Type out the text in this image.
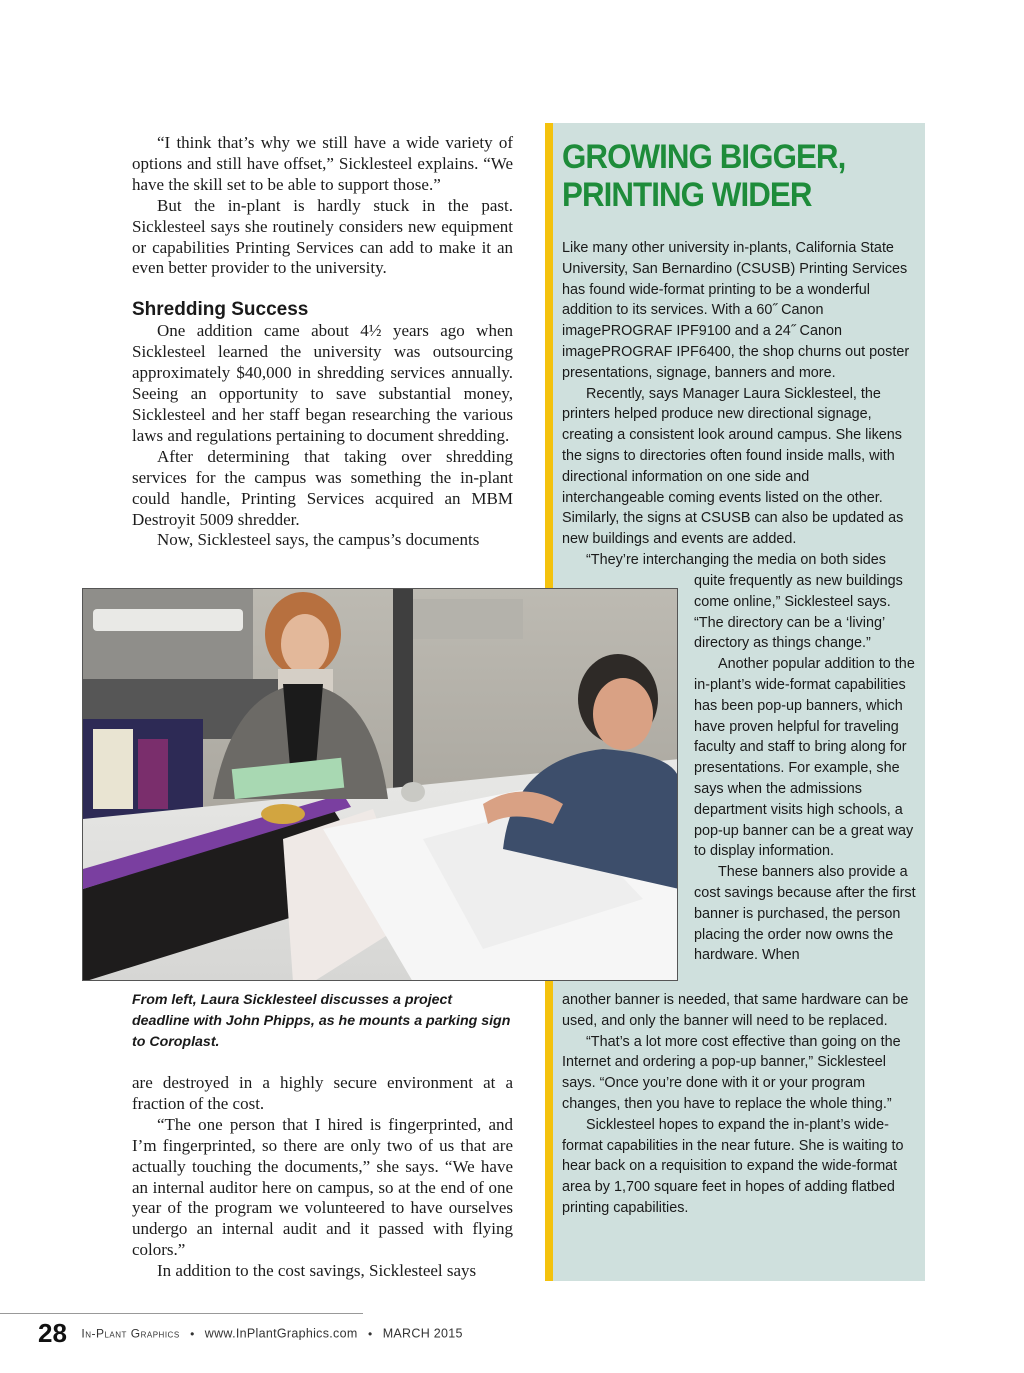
“I think that’s why we still have a wide variety of options and still have offset,” Sicklesteel explains. “We have the skill set to be able to support those.”

But the in-plant is hardly stuck in the past. Sicklesteel says she routinely considers new equipment or capabilities Printing Services can add to make it an even better provider to the university.

Shredding Success

One addition came about 4½ years ago when Sicklesteel learned the university was outsourcing approximately $40,000 in shredding services annually. Seeing an opportunity to save substantial money, Sicklesteel and her staff began researching the various laws and regulations pertaining to document shredding.

After determining that taking over shredding services for the campus was something the in-plant could handle, Printing Services acquired an MBM Destroyit 5009 shredder.

Now, Sicklesteel says, the campus’s documents

GROWING BIGGER,
PRINTING WIDER

Like many other university in-plants, California State University, San Bernardino (CSUSB) Printing Services has found wide-format printing to be a wonderful addition to its services. With a 60˝ Canon imagePROGRAF IPF9100 and a 24˝ Canon imagePROGRAF IPF6400, the shop churns out poster presentations, signage, banners and more.

Recently, says Manager Laura Sicklesteel, the printers helped produce new directional signage, creating a consistent look around campus. She likens the signs to directories often found inside malls, with directional information on one side and interchangeable coming events listed on the other. Similarly, the signs at CSUSB can also be updated as new buildings and events are added.

“They’re interchanging the media on both sides

quite frequently as new buildings come online,” Sicklesteel says. “The directory can be a ‘living’ directory as things change.”

Another popular addition to the in-plant’s wide-format capabilities has been pop-up banners, which have proven helpful for traveling faculty and staff to bring along for presentations. For example, she says when the admissions department visits high schools, a pop-up banner can be a great way to display information.

These banners also provide a cost savings because after the first banner is purchased, the person placing the order now owns the hardware. When

another banner is needed, that same hardware can be used, and only the banner will need to be replaced.

“That’s a lot more cost effective than going on the Internet and ordering a pop-up banner,” Sicklesteel says. “Once you’re done with it or your program changes, then you have to replace the whole thing.”

Sicklesteel hopes to expand the in-plant’s wide-format capabilities in the near future. She is waiting to hear back on a requisition to expand the wide-format area by 1,700 square feet in hopes of adding flatbed printing capabilities.

From left, Laura Sicklesteel discusses a project deadline with John Phipps, as he mounts a parking sign to Coroplast.

are destroyed in a highly secure environment at a fraction of the cost.

“The one person that I hired is fingerprinted, and I’m fingerprinted, so there are only two of us that are actually touching the documents,” she says. “We have an internal auditor here on campus, so at the end of one year of the program we volunteered to have ourselves undergo an internal audit and it passed with flying colors.”

In addition to the cost savings, Sicklesteel says

28 In-Plant Graphics • www.InPlantGraphics.com • MARCH 2015
